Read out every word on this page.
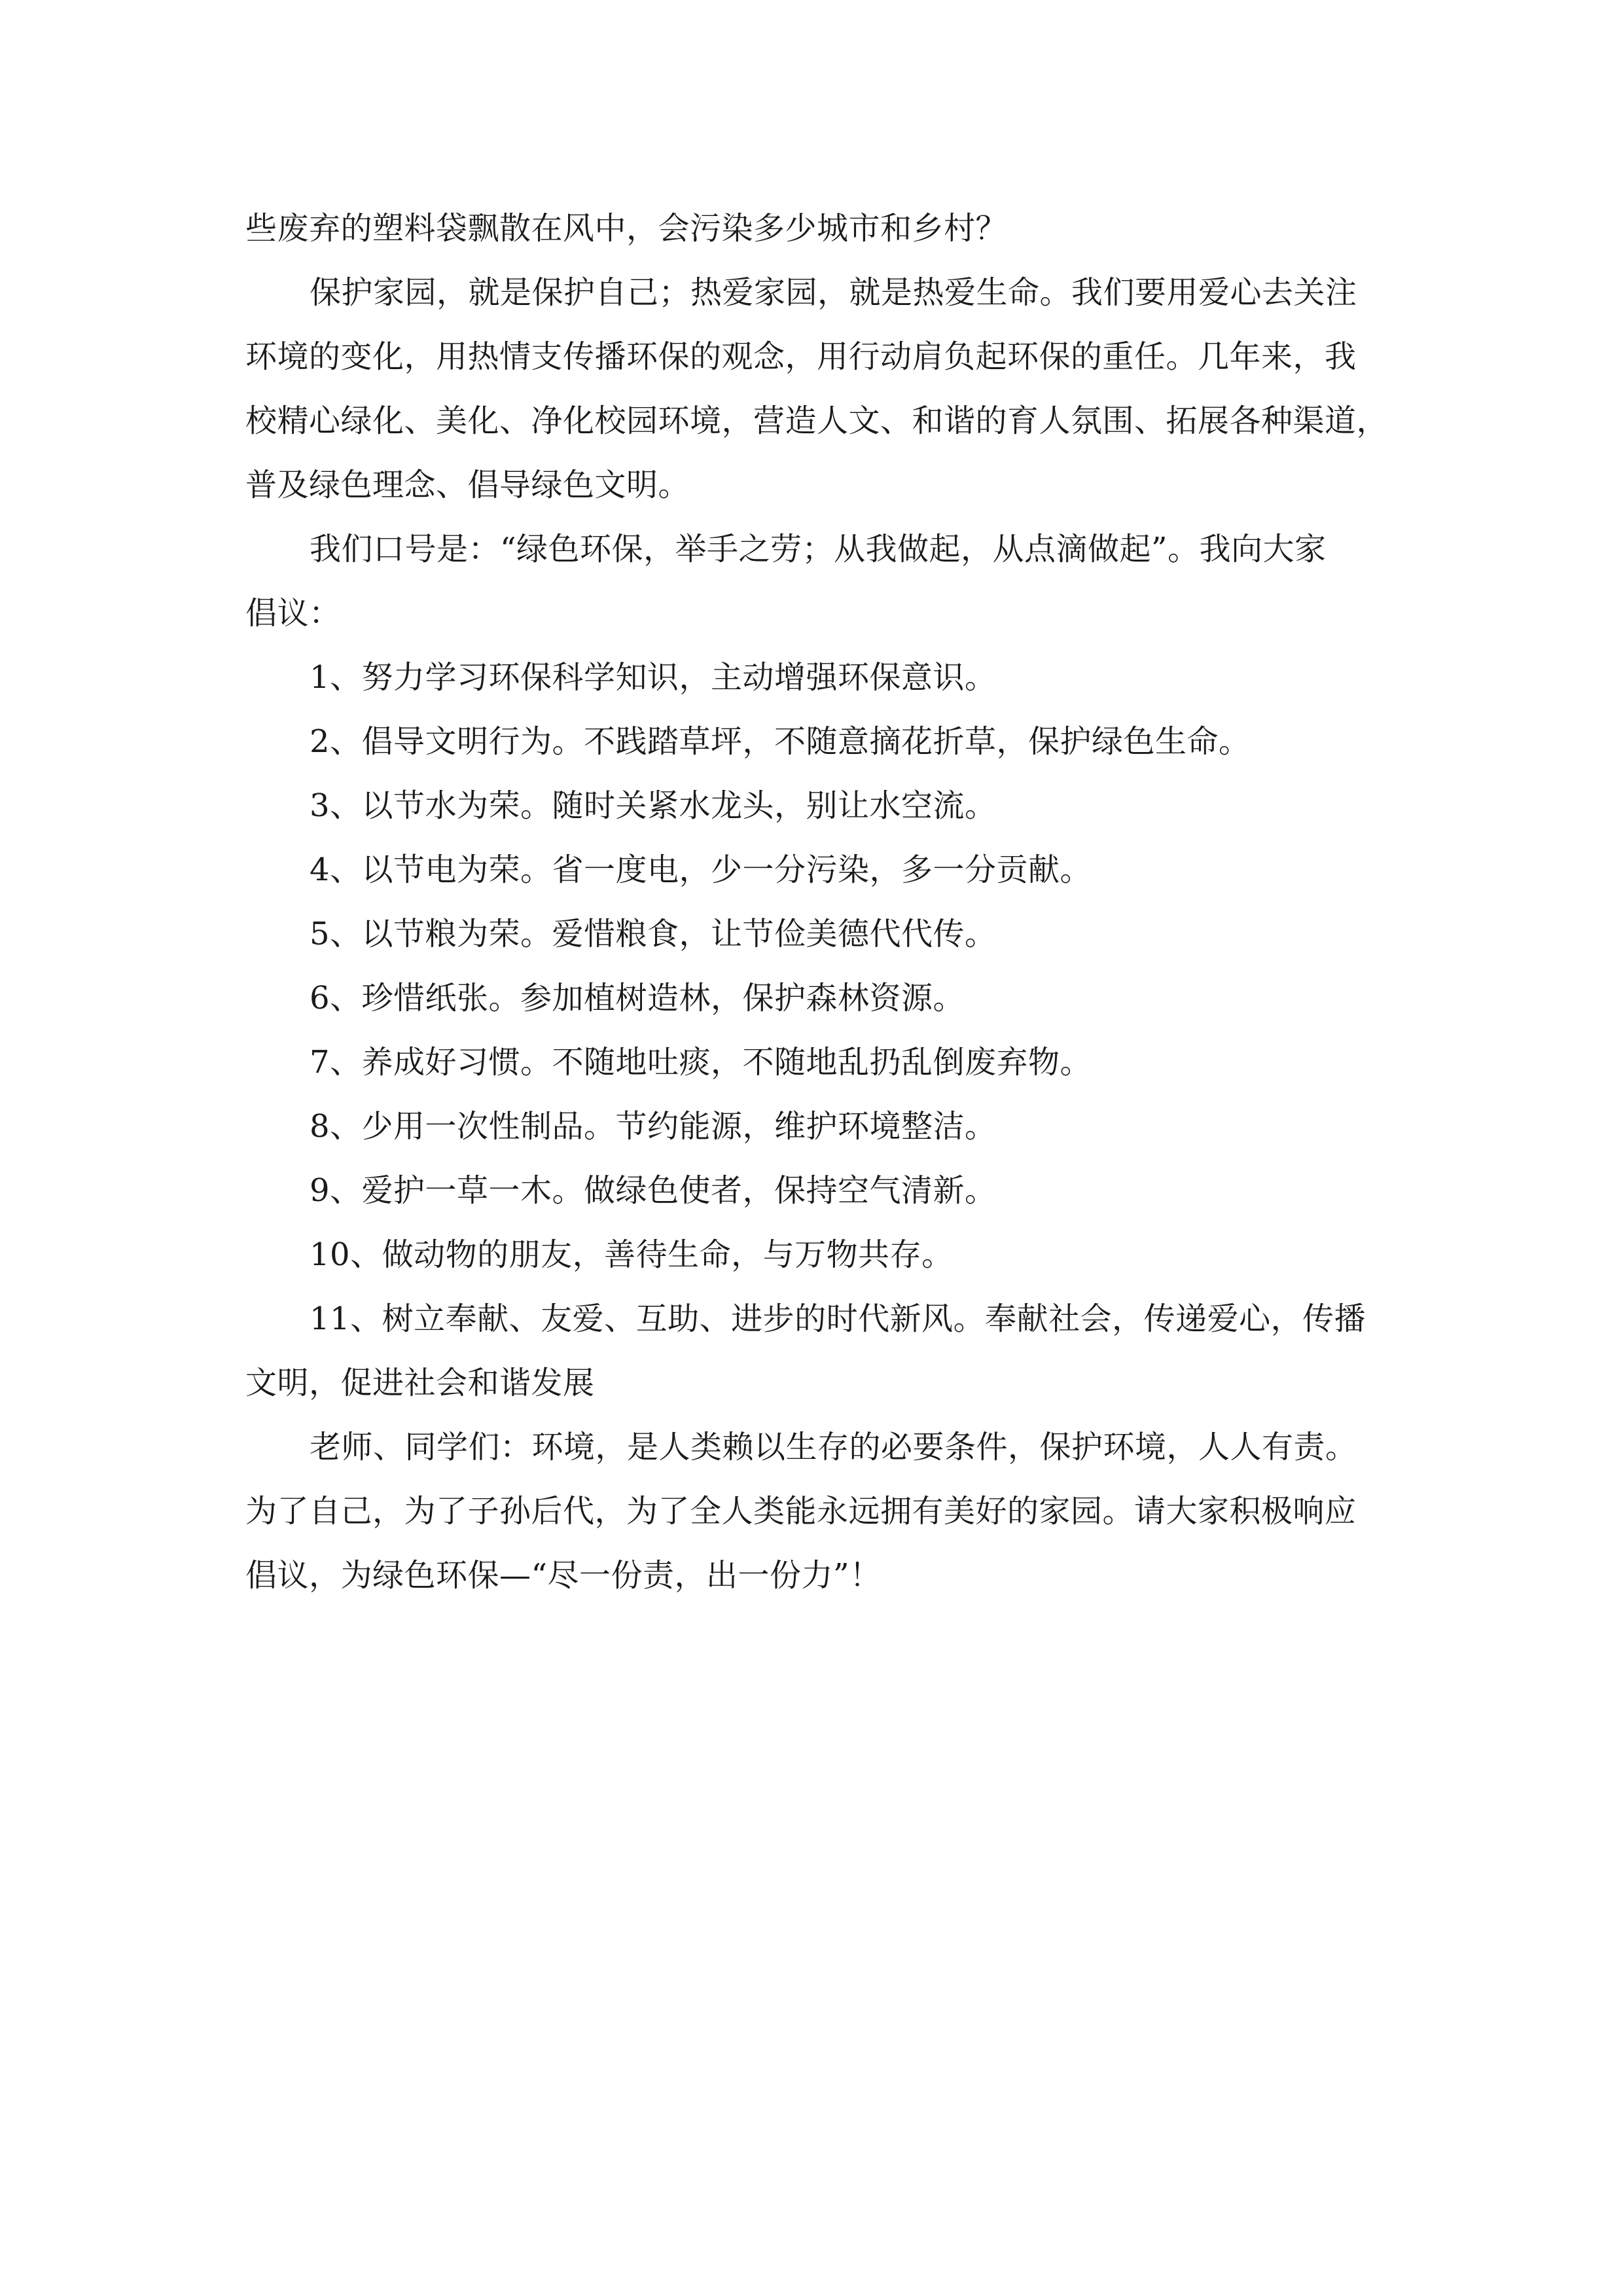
些废弃的塑料袋飘散在风中，会污染多少城市和乡村？
保护家园，就是保护自己；热爱家园，就是热爱生命。我们要用爱心去关注
环境的变化，用热情支传播环保的观念，用行动肩负起环保的重任。几年来，我
校精心绿化、美化、净化校园环境，营造人文、和谐的育人氛围、拓展各种渠道，
普及绿色理念、倡导绿色文明。
我们口号是：“绿色环保，举手之劳；从我做起，从点滴做起”。我向大家
倡议：
1、努力学习环保科学知识，主动增强环保意识。
2、倡导文明行为。不践踏草坪，不随意摘花折草，保护绿色生命。
3、以节水为荣。随时关紧水龙头，别让水空流。
4、以节电为荣。省一度电，少一分污染，多一分贡献。
5、以节粮为荣。爱惜粮食，让节俭美德代代传。
6、珍惜纸张。参加植树造林，保护森林资源。
7、养成好习惯。不随地吐痰，不随地乱扔乱倒废弃物。
8、少用一次性制品。节约能源，维护环境整洁。
9、爱护一草一木。做绿色使者，保持空气清新。
10、做动物的朋友，善待生命，与万物共存。
11、树立奉献、友爱、互助、进步的时代新风。奉献社会，传递爱心，传播
文明，促进社会和谐发展
老师、同学们：环境，是人类赖以生存的必要条件，保护环境，人人有责。
为了自己，为了子孙后代，为了全人类能永远拥有美好的家园。请大家积极响应
倡议，为绿色环保—“尽一份责，出一份力”！
